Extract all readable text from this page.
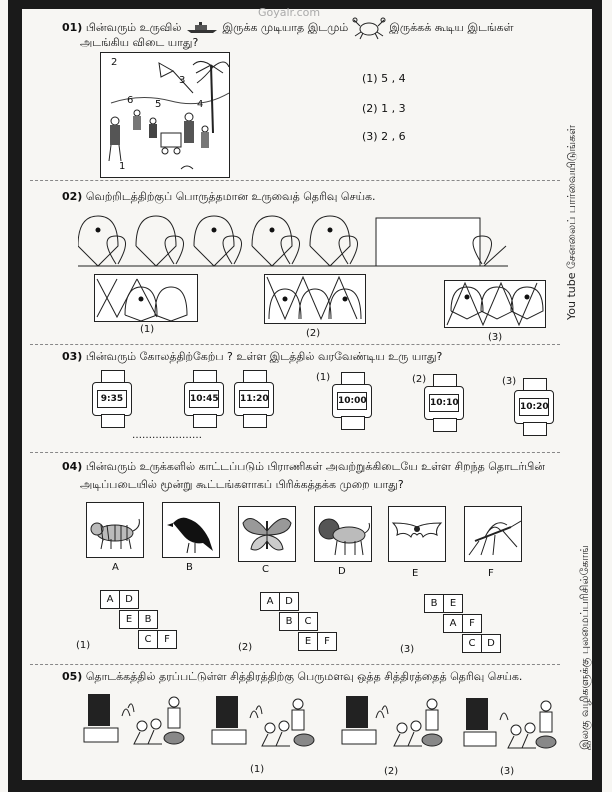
Goyalr.com
You tube சேனலைப் பார்வையிடுங்கள்
இலகு வழிகளுக்கு புலமைப்பரிசில்கோங்
01) பின்வரும் உருவில்	இருக்க முடியாத இடமும்	இருக்கக் கூடிய இடங்கள்
அடங்கிய விடை யாது?
2
3
6 5	4
1
(1) 5 , 4
(2) 1 , 3
(3) 2 , 6
02) வெற்றிடத்திற்குப் பொருத்தமான உருவைத் தெரிவு செய்க.
(1)	(2)	(3)
03) பின்வரும் கோலத்திற்கேற்ப ? உள்ள இடத்தில் வரவேண்டிய உரு யாது?
9:35
…………………
10:45 11:20
(1)
10:00
(2)
10:10
(3)
10:20
04) பின்வரும் உருக்களில் காட்டப்படும் பிராணிகள் அவற்றுக்கிடையே உள்ள சிறந்த தொடர்பின்
அடிப்படையில் மூன்று கூட்டங்களாகப் பிரிக்கத்தக்க முறை யாது?
A	B	C	D	E	F
A	D
E	B
C	F
(1)
A	D
B	C
E	F
(2)
B	E
A	F
C	D
(3)
05) தொடக்கத்தில் தரப்பட்டுள்ள சித்திரத்திற்கு பெருமளவு ஒத்த சித்திரத்தைத் தெரிவு செய்க.
(1)	(2)	(3)
